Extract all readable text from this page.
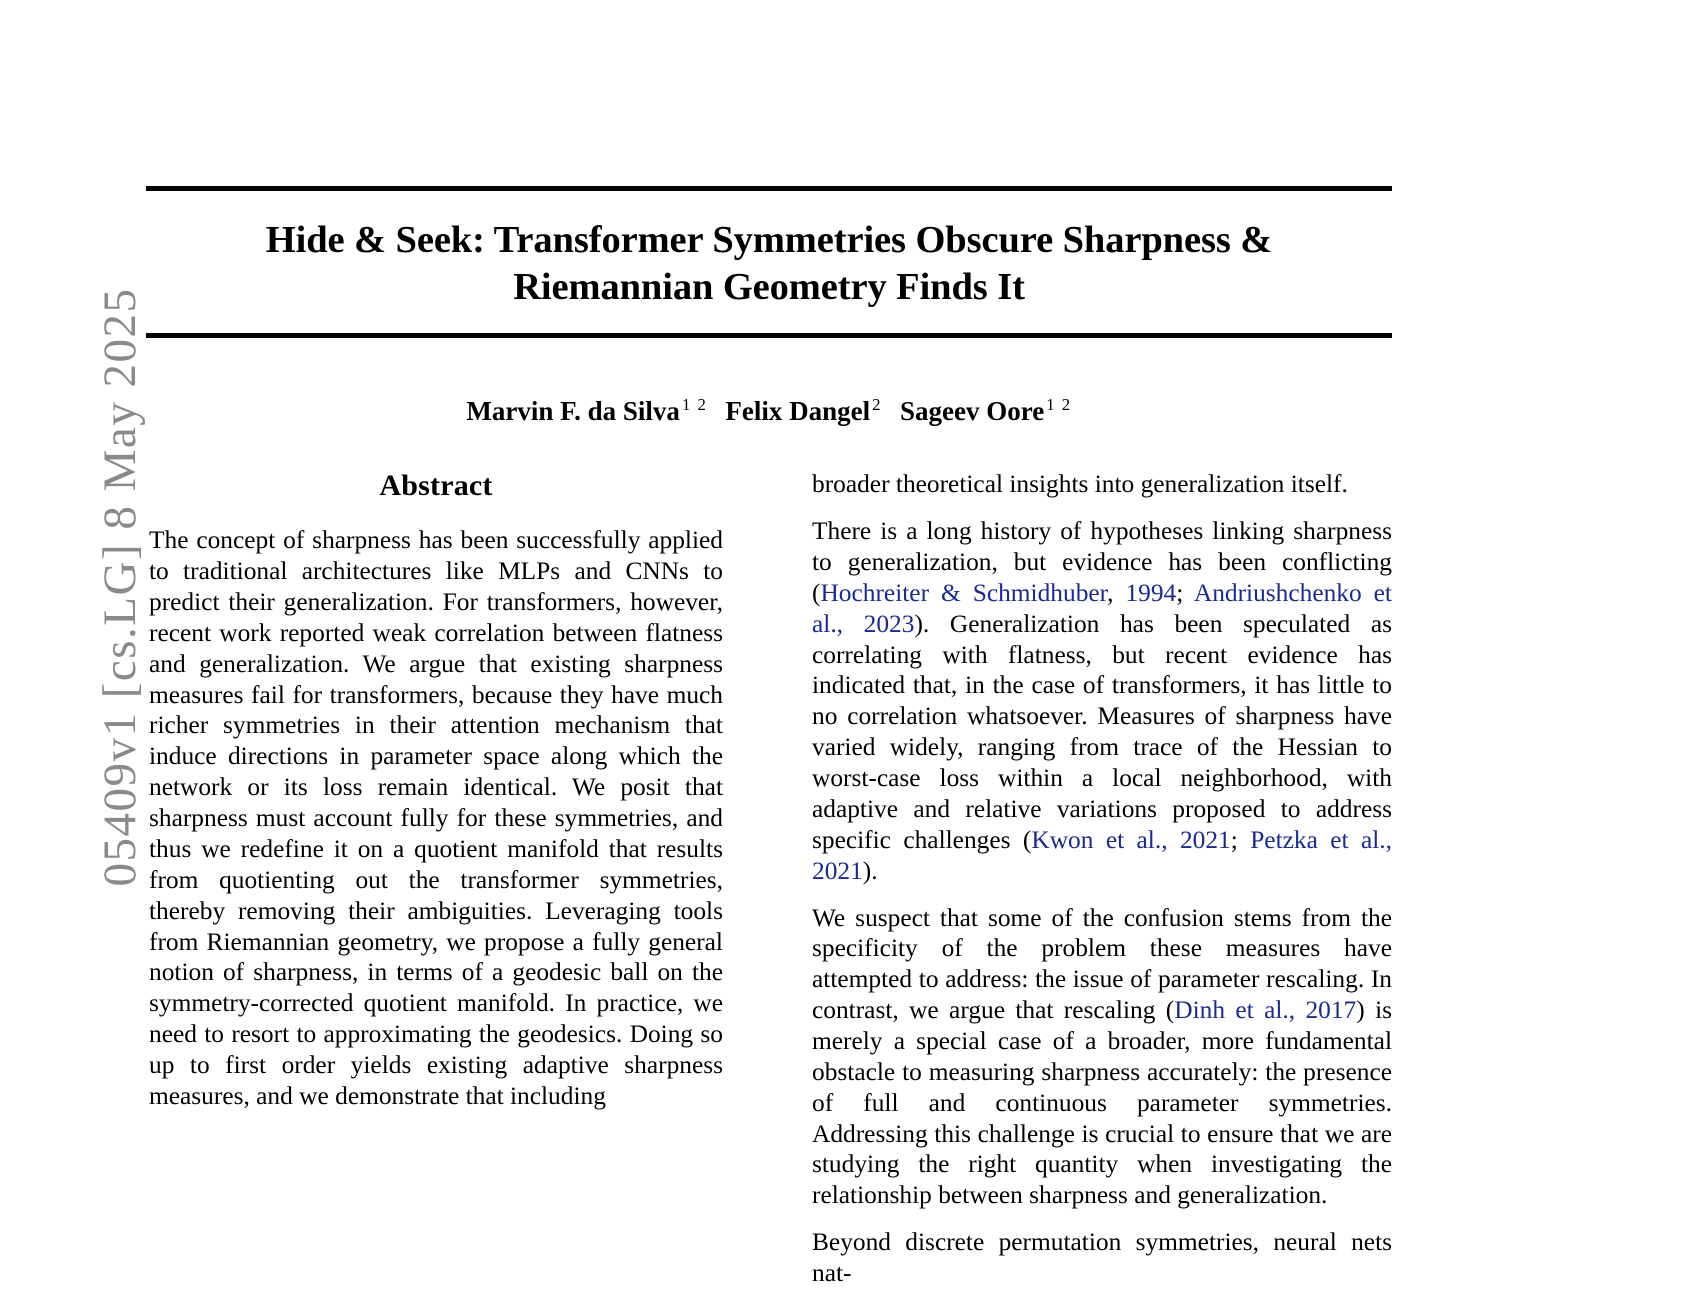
05409v1 [cs.LG] 8 May 2025
Hide & Seek: Transformer Symmetries Obscure Sharpness & Riemannian Geometry Finds It
Marvin F. da Silva $^{1 2}$ Felix Dangel $^2$ Sageev Oore $^{1 2}$
Abstract

The concept of sharpness has been successfully applied to traditional architectures like MLPs and CNNs to predict their generalization. For transformers, however, recent work reported weak correlation between flatness and generalization. We argue that existing sharpness measures fail for transformers, because they have much richer symmetries in their attention mechanism that induce directions in parameter space along which the network or its loss remain identical. We posit that sharpness must account fully for these symmetries, and thus we redefine it on a quotient manifold that results from quotienting out the transformer symmetries, thereby removing their ambiguities. Leveraging tools from Riemannian geometry, we propose a fully general notion of sharpness, in terms of a geodesic ball on the symmetry-corrected quotient manifold. In practice, we need to resort to approximating the geodesics. Doing so up to first order yields existing adaptive sharpness measures, and we demonstrate that including

broader theoretical insights into generalization itself.

There is a long history of hypotheses linking sharpness to generalization, but evidence has been conflicting (Hochreiter & Schmidhuber, 1994; Andriushchenko et al., 2023). Generalization has been speculated as correlating with flatness, but recent evidence has indicated that, in the case of transformers, it has little to no correlation whatsoever. Measures of sharpness have varied widely, ranging from trace of the Hessian to worst-case loss within a local neighborhood, with adaptive and relative variations proposed to address specific challenges (Kwon et al., 2021; Petzka et al., 2021).

We suspect that some of the confusion stems from the specificity of the problem these measures have attempted to address: the issue of parameter rescaling. In contrast, we argue that rescaling (Dinh et al., 2017) is merely a special case of a broader, more fundamental obstacle to measuring sharpness accurately: the presence of full and continuous parameter symmetries. Addressing this challenge is crucial to ensure that we are studying the right quantity when investigating the relationship between sharpness and generalization.

Beyond discrete permutation symmetries, neural nets nat-
